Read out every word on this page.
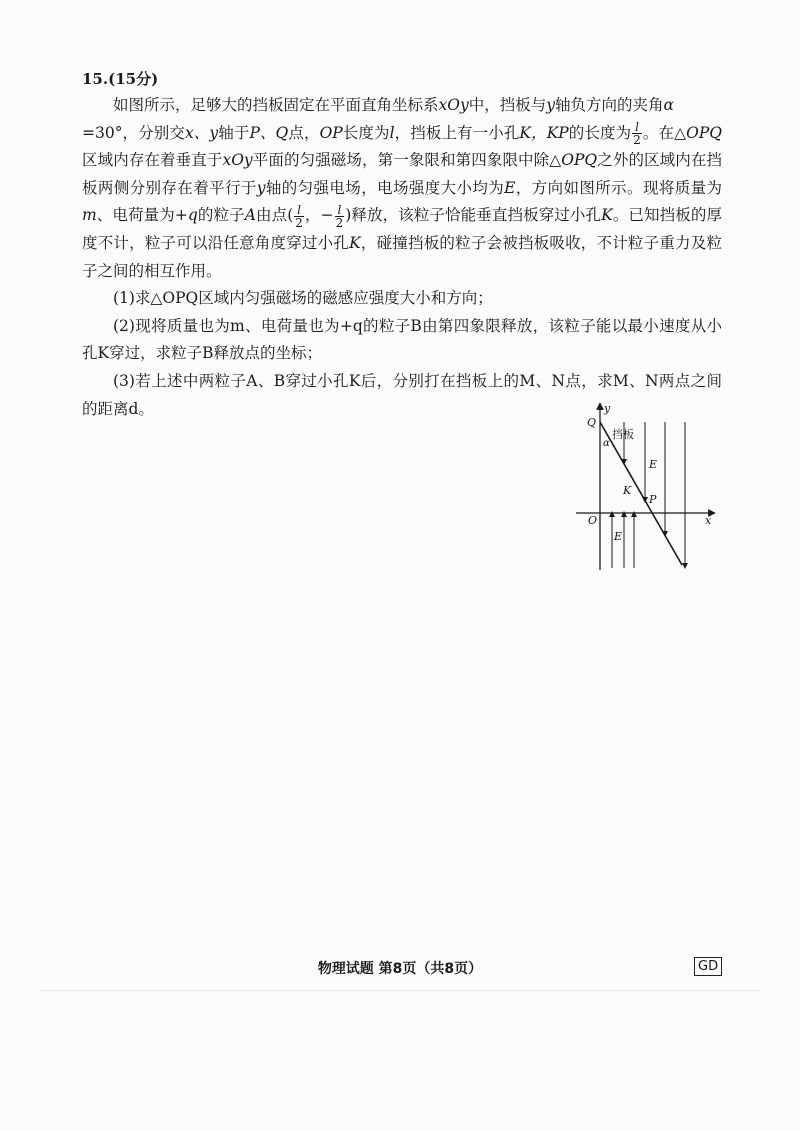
15.(15分)

如图所示，足够大的挡板固定在平面直角坐标系xOy中，挡板与y轴负方向的夹角α
=30°，分别交x、y轴于P、Q点，OP长度为l，挡板上有一小孔K，KP的长度为 $\frac{l}{2}$ 。在△OPQ区域内存在着垂直于xOy平面的匀强磁场，第一象限和第四象限中除△OPQ之外的区域内在挡板两侧分别存在着平行于y轴的匀强电场，电场强度大小均为E，方向如图所示。现将质量为m、电荷量为+q的粒子A由点( $\frac{l}{2}$ ，− $\frac{l}{2}$ )释放，该粒子恰能垂直挡板穿过小孔K。已知挡板的厚度不计，粒子可以沿任意角度穿过小孔K，碰撞挡板的粒子会被挡板吸收，不计粒子重力及粒子之间的相互作用。

(1)求△OPQ区域内匀强磁场的磁感应强度大小和方向；

(2)现将质量也为m、电荷量也为+q的粒子B由第四象限释放，该粒子能以最小速度从小孔K穿过，求粒子B释放点的坐标；

(3)若上述中两粒子A、B穿过小孔K后，分别打在挡板上的M、N点，求M、N两点之间的距离d。	y
Q
α
E
K
P
O	x
E
挡板
物理试题 第8页（共8页）	GD
